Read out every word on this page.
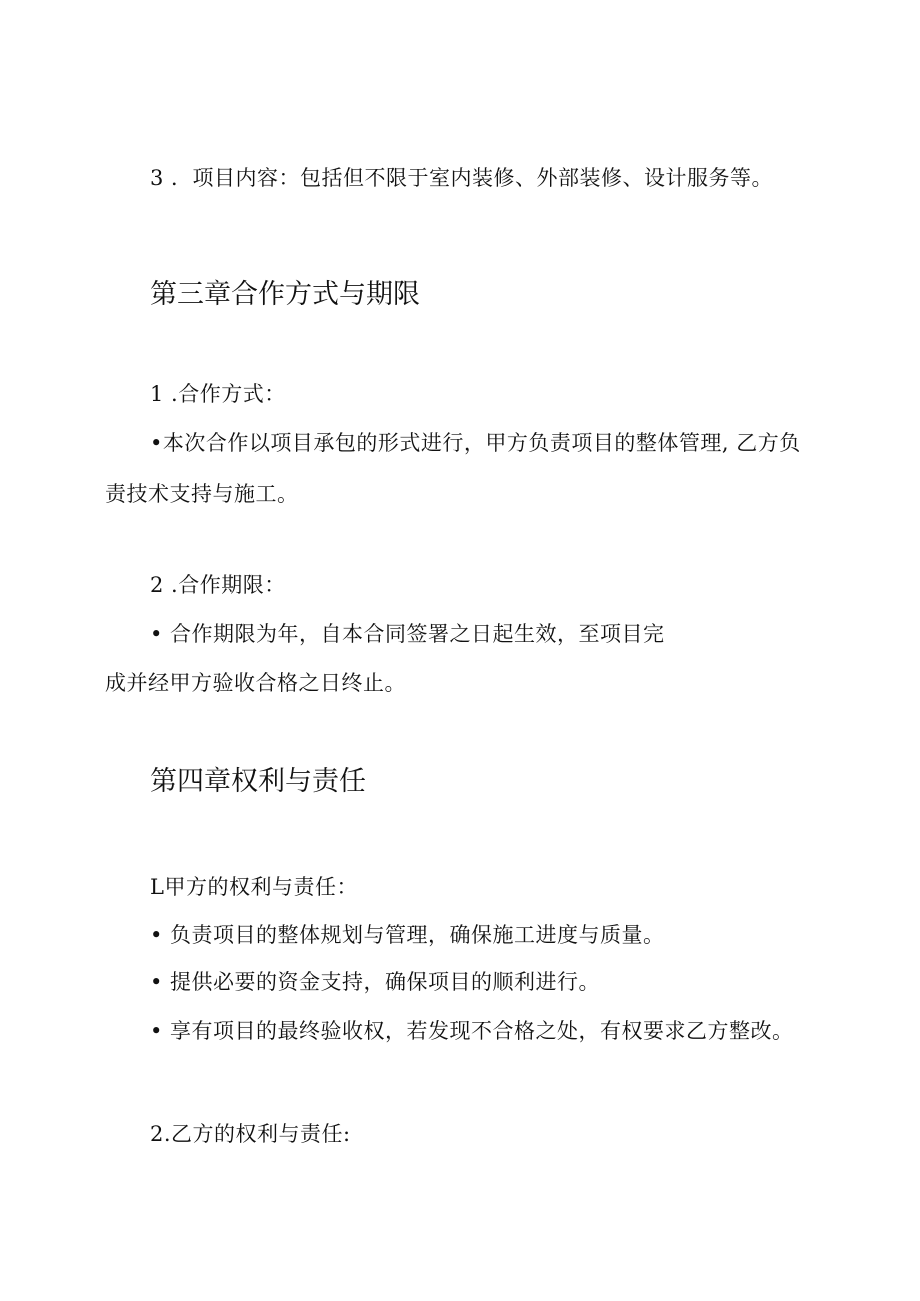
3 ．项目内容：包括但不限于室内装修、外部装修、设计服务等。
第三章合作方式与期限
1 .合作方式：
•本次合作以项目承包的形式进行，甲方负责项目的整体管理, 乙方负
责技术支持与施工。
2 .合作期限：
• 合作期限为年，自本合同签署之日起生效，至项目完
成并经甲方验收合格之日终止。
第四章权利与责任
L甲方的权利与责任：
• 负责项目的整体规划与管理，确保施工进度与质量。
• 提供必要的资金支持，确保项目的顺利进行。
• 享有项目的最终验收权，若发现不合格之处，有权要求乙方整改。
2.乙方的权利与责任:
